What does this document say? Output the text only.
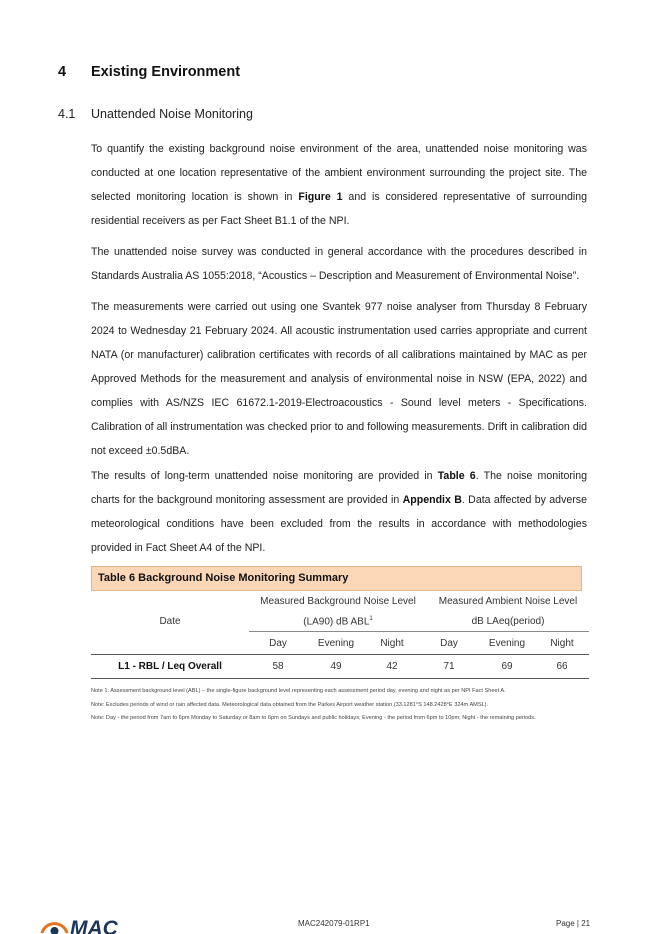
4 Existing Environment
4.1 Unattended Noise Monitoring

To quantify the existing background noise environment of the area, unattended noise monitoring was conducted at one location representative of the ambient environment surrounding the project site. The selected monitoring location is shown in Figure 1 and is considered representative of surrounding residential receivers as per Fact Sheet B1.1 of the NPI.

The unattended noise survey was conducted in general accordance with the procedures described in Standards Australia AS 1055:2018, “Acoustics – Description and Measurement of Environmental Noise”.

The measurements were carried out using one Svantek 977 noise analyser from Thursday 8 February 2024 to Wednesday 21 February 2024. All acoustic instrumentation used carries appropriate and current NATA (or manufacturer) calibration certificates with records of all calibrations maintained by MAC as per Approved Methods for the measurement and analysis of environmental noise in NSW (EPA, 2022) and complies with AS/NZS IEC 61672.1-2019-Electroacoustics - Sound level meters - Specifications. Calibration of all instrumentation was checked prior to and following measurements. Drift in calibration did not exceed ±0.5dBA.

The results of long-term unattended noise monitoring are provided in Table 6. The noise monitoring charts for the background monitoring assessment are provided in Appendix B. Data affected by adverse meteorological conditions have been excluded from the results in accordance with methodologies provided in Fact Sheet A4 of the NPI.

Table 6 Background Noise Monitoring Summary
Date
Measured Background Noise Level
(LA90) dB ABL$^1$
Measured Ambient Noise Level
dB LAeq(period)
Day	Evening	Night	Day	Evening	Night
L1 - RBL / Leq Overall	58	49	42	71	69	66
Note 1: Assessment background level (ABL) – the single-figure background level representing each assessment period day, evening and night as per NPI Fact Sheet A.
Note: Excludes periods of wind or rain affected data. Meteorological data obtained from the Parkes Airport weather station (33.1281°S 148.2428°E 324m AMSL).
Note: Day - the period from 7am to 6pm Monday to Saturday or 8am to 6pm on Sundays and public holidays; Evening - the period from 6pm to 10pm; Night - the remaining periods.
MAC	MAC242079-01RP1	Page | 21
